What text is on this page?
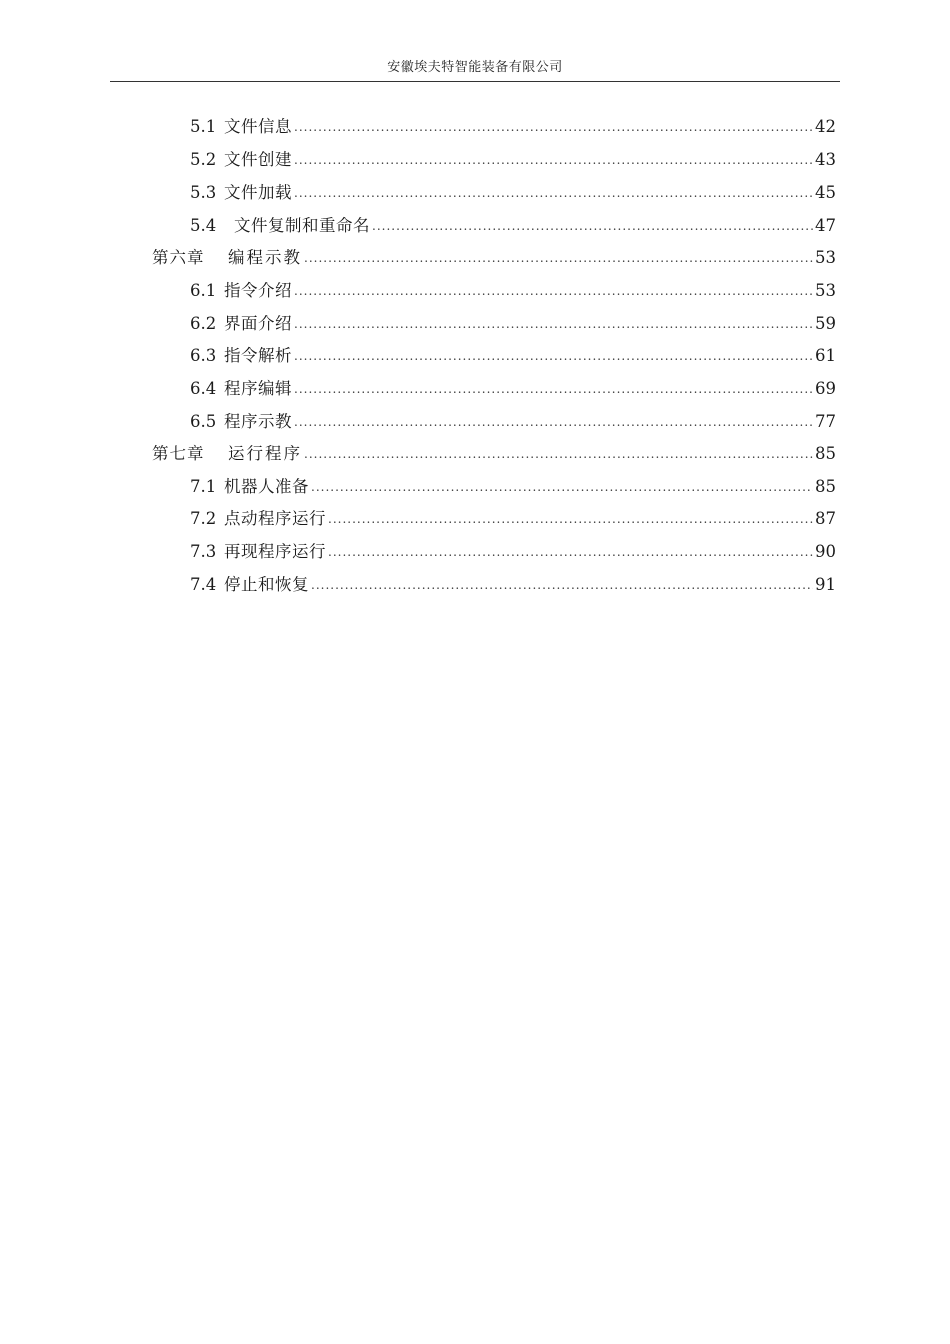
安徽埃夫特智能装备有限公司
5.1 文件信息 .....	42
5.2 文件创建 .....	43
5.3 文件加载 .....	45
5.4	文件复制和重命名 .....	47
第六章	编程示教 .....	53
6.1 指令介绍 .....	53
6.2 界面介绍 .....	59
6.3 指令解析 .....	61
6.4 程序编辑 .....	69
6.5 程序示教 .....	77
第七章	运行程序 .....	85
7.1 机器人准备 .....	85
7.2 点动程序运行 .....	87
7.3 再现程序运行 .....	90
7.4 停止和恢复 .....	91
